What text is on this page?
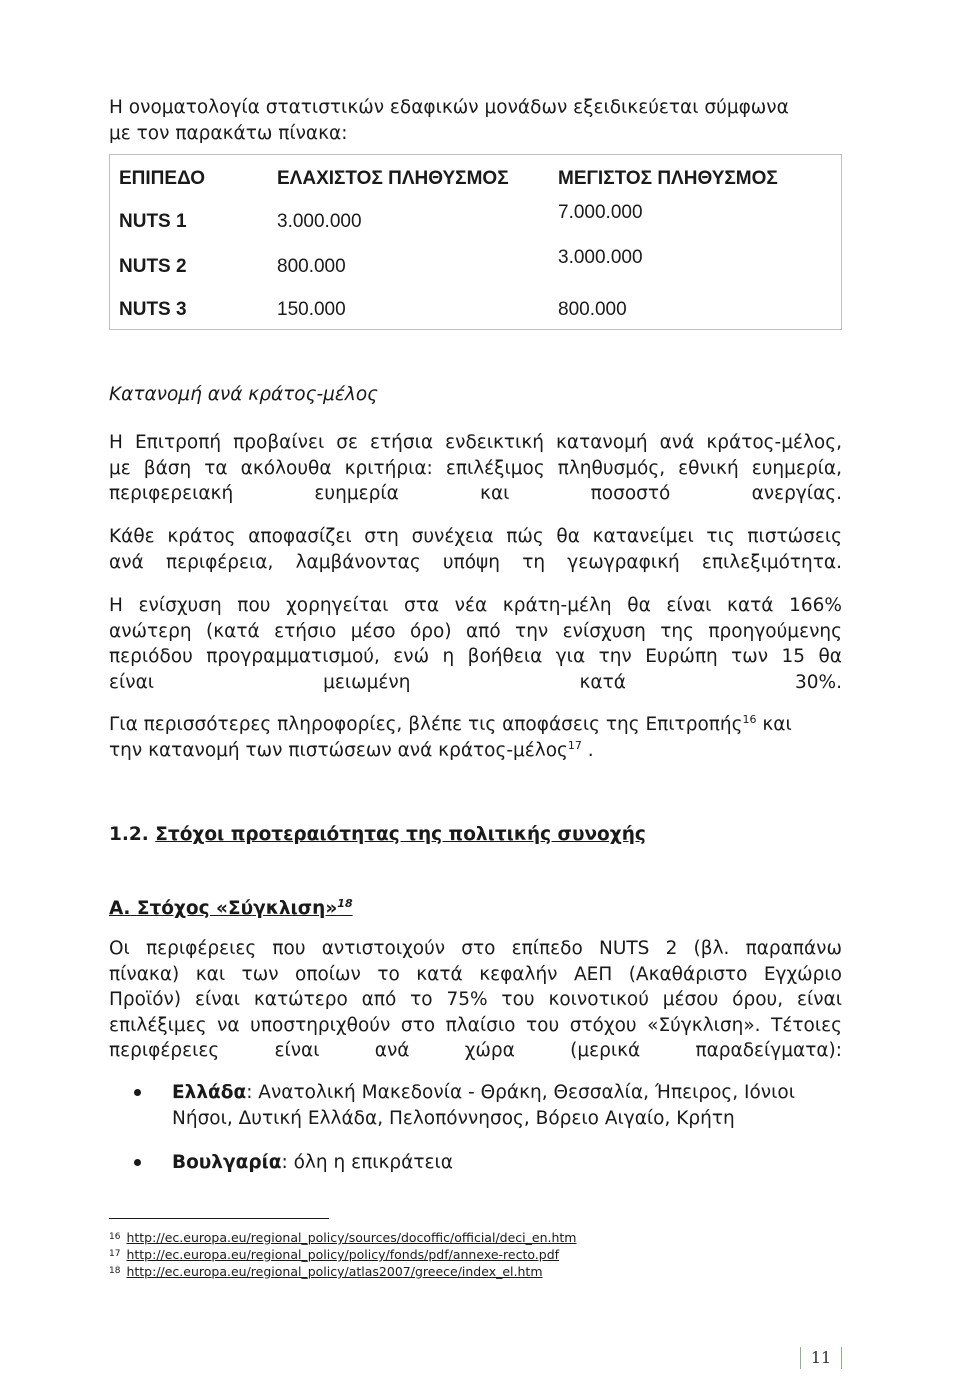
Η ονοματολογία στατιστικών εδαφικών μονάδων εξειδικεύεται σύμφωνα
με τον παρακάτω πίνακα:

ΕΠΙΠΕΔΟ	ΕΛΑΧΙΣΤΟΣ ΠΛΗΘΥΣΜΟΣ	ΜΕΓΙΣΤΟΣ ΠΛΗΘΥΣΜΟΣ
NUTS 1	3.000.000	7.000.000
NUTS 2	800.000	3.000.000
NUTS 3	150.000	800.000
Κατανομή ανά κράτος-μέλος

Η Επιτροπή προβαίνει σε ετήσια ενδεικτική κατανομή ανά κράτος-μέλος,
με βάση τα ακόλουθα κριτήρια: επιλέξιμος πληθυσμός, εθνική ευημερία,
περιφερειακή ευημερία και ποσοστό ανεργίας.

Κάθε κράτος αποφασίζει στη συνέχεια πώς θα κατανείμει τις πιστώσεις
ανά περιφέρεια, λαμβάνοντας υπόψη τη γεωγραφική επιλεξιμότητα.

Η ενίσχυση που χορηγείται στα νέα κράτη-μέλη θα είναι κατά 166%
ανώτερη (κατά ετήσιο μέσο όρο) από την ενίσχυση της προηγούμενης
περιόδου προγραμματισμού, ενώ η βοήθεια για την Ευρώπη των 15 θα
είναι μειωμένη κατά 30%.

Για περισσότερες πληροφορίες, βλέπε τις αποφάσεις της Επιτροπής$^{16}$ και
την κατανομή των πιστώσεων ανά κράτος-μέλος$^{17}$ .

1.2. Στόχοι προτεραιότητας της πολιτικής συνοχής
Α. Στόχος «Σύγκλιση»$^{18}$

Οι περιφέρειες που αντιστοιχούν στο επίπεδο NUTS 2 (βλ. παραπάνω
πίνακα) και των οποίων το κατά κεφαλήν ΑΕΠ (Ακαθάριστο Εγχώριο
Προϊόν) είναι κατώτερο από το 75% του κοινοτικού μέσου όρου, είναι
επιλέξιμες να υποστηριχθούν στο πλαίσιο του στόχου «Σύγκλιση». Τέτοιες
περιφέρειες είναι ανά χώρα (μερικά παραδείγματα):

Ελλάδα: Ανατολική Μακεδονία - Θράκη, Θεσσαλία, Ήπειρος, Ιόνιοι
Νήσοι, Δυτική Ελλάδα, Πελοπόννησος, Βόρειο Αιγαίο, Κρήτη
Βουλγαρία: όλη η επικράτεια
$^{16}$ http://ec.europa.eu/regional_policy/sources/docoffic/official/deci_en.htm
$^{17}$ http://ec.europa.eu/regional_policy/policy/fonds/pdf/annexe-recto.pdf
$^{18}$ http://ec.europa.eu/regional_policy/atlas2007/greece/index_el.htm
11
